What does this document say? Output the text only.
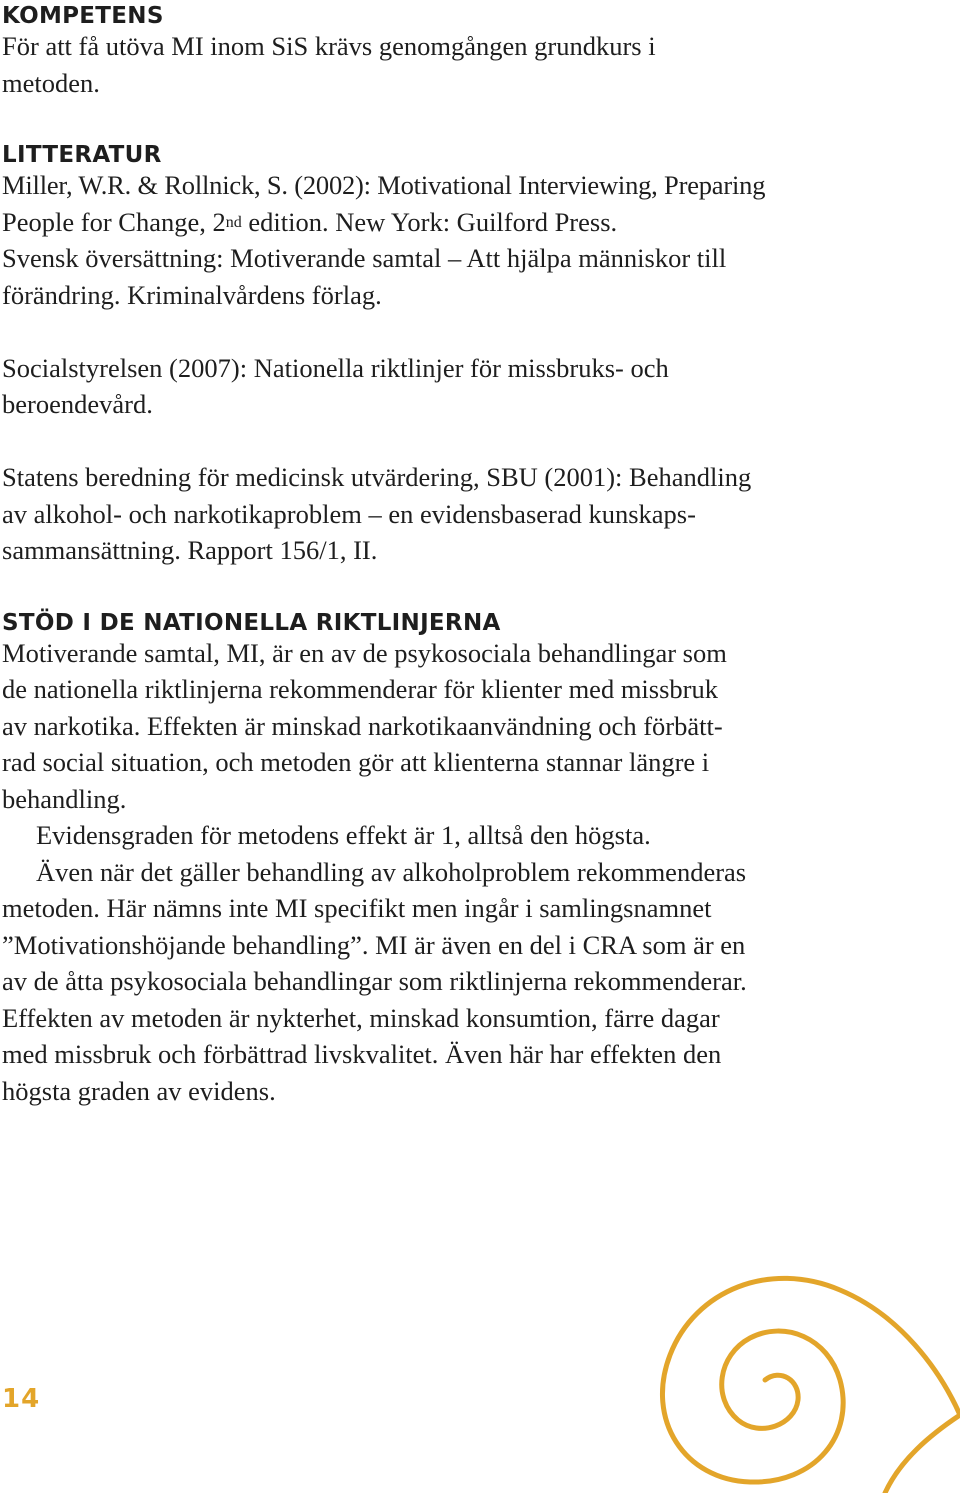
KOMPETENS

För att få utöva MI inom SiS krävs genomgången grundkurs i
metoden.

LITTERATUR

Miller, W.R. & Rollnick, S. (2002): Motivational Interviewing, Preparing
People for Change, 2nd edition. New York: Guilford Press.
Svensk översättning: Motiverande samtal – Att hjälpa människor till
förändring. Kriminalvårdens förlag.

Socialstyrelsen (2007): Nationella riktlinjer för missbruks- och
beroendevård.

Statens beredning för medicinsk utvärdering, SBU (2001): Behandling
av alkohol- och narkotikaproblem – en evidensbaserad kunskaps-
sammansättning. Rapport 156/1, II.

STÖD I DE NATIONELLA RIKTLINJERNA

Motiverande samtal, MI, är en av de psykosociala behandlingar som
de nationella riktlinjerna rekommenderar för klienter med missbruk
av narkotika. Effekten är minskad narkotikaanvändning och förbätt-
rad social situation, och metoden gör att klienterna stannar längre i
behandling.

Evidensgraden för metodens effekt är 1, alltså den högsta.

Även när det gäller behandling av alkoholproblem rekommenderas
metoden. Här nämns inte MI specifikt men ingår i samlingsnamnet
”Motivationshöjande behandling”. MI är även en del i CRA som är en
av de åtta psykosociala behandlingar som riktlinjerna rekommenderar.
Effekten av metoden är nykterhet, minskad konsumtion, färre dagar
med missbruk och förbättrad livskvalitet. Även här har effekten den
högsta graden av evidens.

14
